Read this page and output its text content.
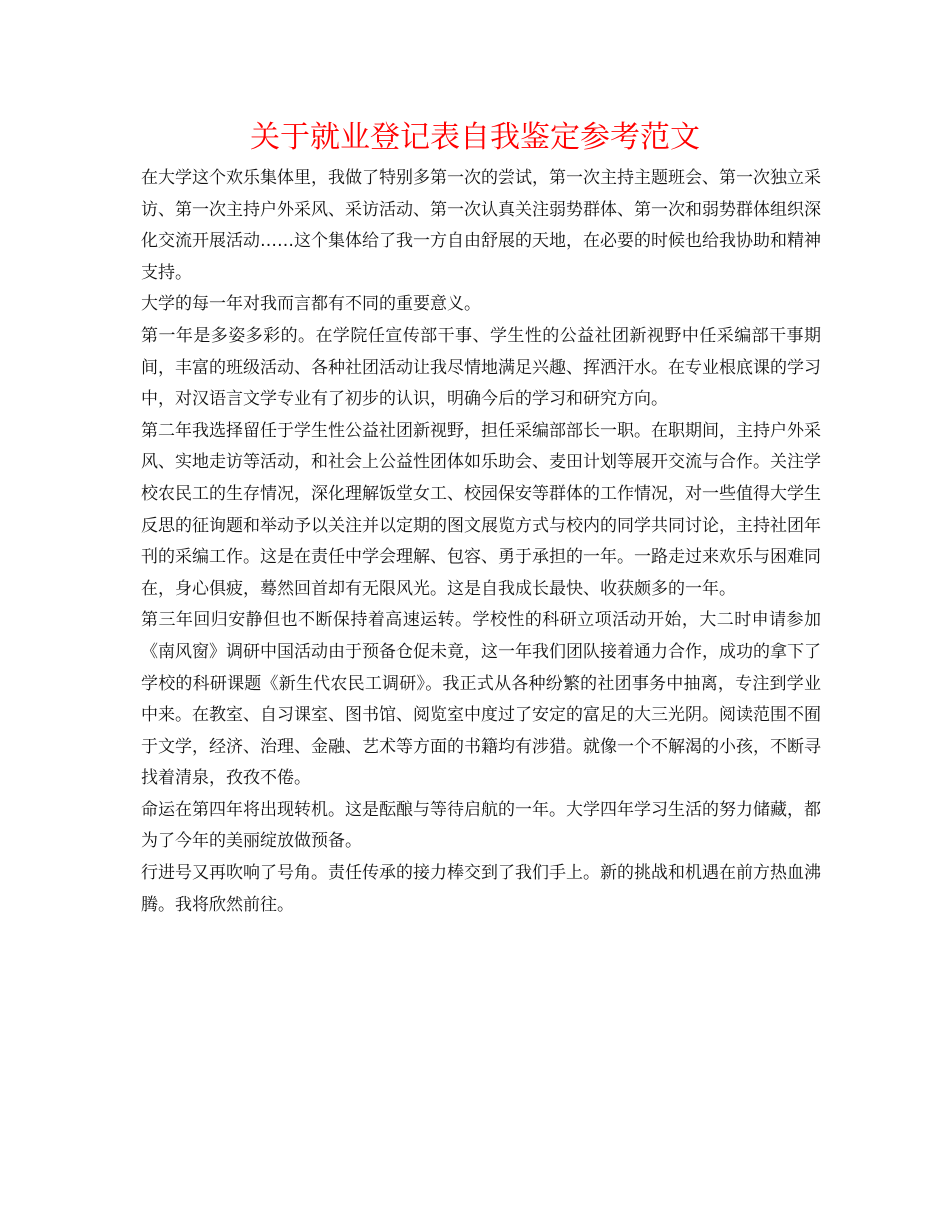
关于就业登记表自我鉴定参考范文

在大学这个欢乐集体里，我做了特别多第一次的尝试，第一次主持主题班会、第一次独立采访、第一次主持户外采风、采访活动、第一次认真关注弱势群体、第一次和弱势群体组织深化交流开展活动……这个集体给了我一方自由舒展的天地，在必要的时候也给我协助和精神支持。

大学的每一年对我而言都有不同的重要意义。

第一年是多姿多彩的。在学院任宣传部干事、学生性的公益社团新视野中任采编部干事期间，丰富的班级活动、各种社团活动让我尽情地满足兴趣、挥洒汗水。在专业根底课的学习中，对汉语言文学专业有了初步的认识，明确今后的学习和研究方向。

第二年我选择留任于学生性公益社团新视野，担任采编部部长一职。在职期间，主持户外采风、实地走访等活动，和社会上公益性团体如乐助会、麦田计划等展开交流与合作。关注学校农民工的生存情况，深化理解饭堂女工、校园保安等群体的工作情况，对一些值得大学生反思的征询题和举动予以关注并以定期的图文展览方式与校内的同学共同讨论，主持社团年刊的采编工作。这是在责任中学会理解、包容、勇于承担的一年。一路走过来欢乐与困难同在，身心俱疲，蓦然回首却有无限风光。这是自我成长最快、收获颇多的一年。

第三年回归安静但也不断保持着高速运转。学校性的科研立项活动开始，大二时申请参加《南风窗》调研中国活动由于预备仓促未竟，这一年我们团队接着通力合作，成功的拿下了学校的科研课题《新生代农民工调研》。我正式从各种纷繁的社团事务中抽离，专注到学业中来。在教室、自习课室、图书馆、阅览室中度过了安定的富足的大三光阴。阅读范围不囿于文学，经济、治理、金融、艺术等方面的书籍均有涉猎。就像一个不解渴的小孩，不断寻找着清泉，孜孜不倦。

命运在第四年将出现转机。这是酝酿与等待启航的一年。大学四年学习生活的努力储藏，都为了今年的美丽绽放做预备。

行进号又再吹响了号角。责任传承的接力棒交到了我们手上。新的挑战和机遇在前方热血沸腾。我将欣然前往。
